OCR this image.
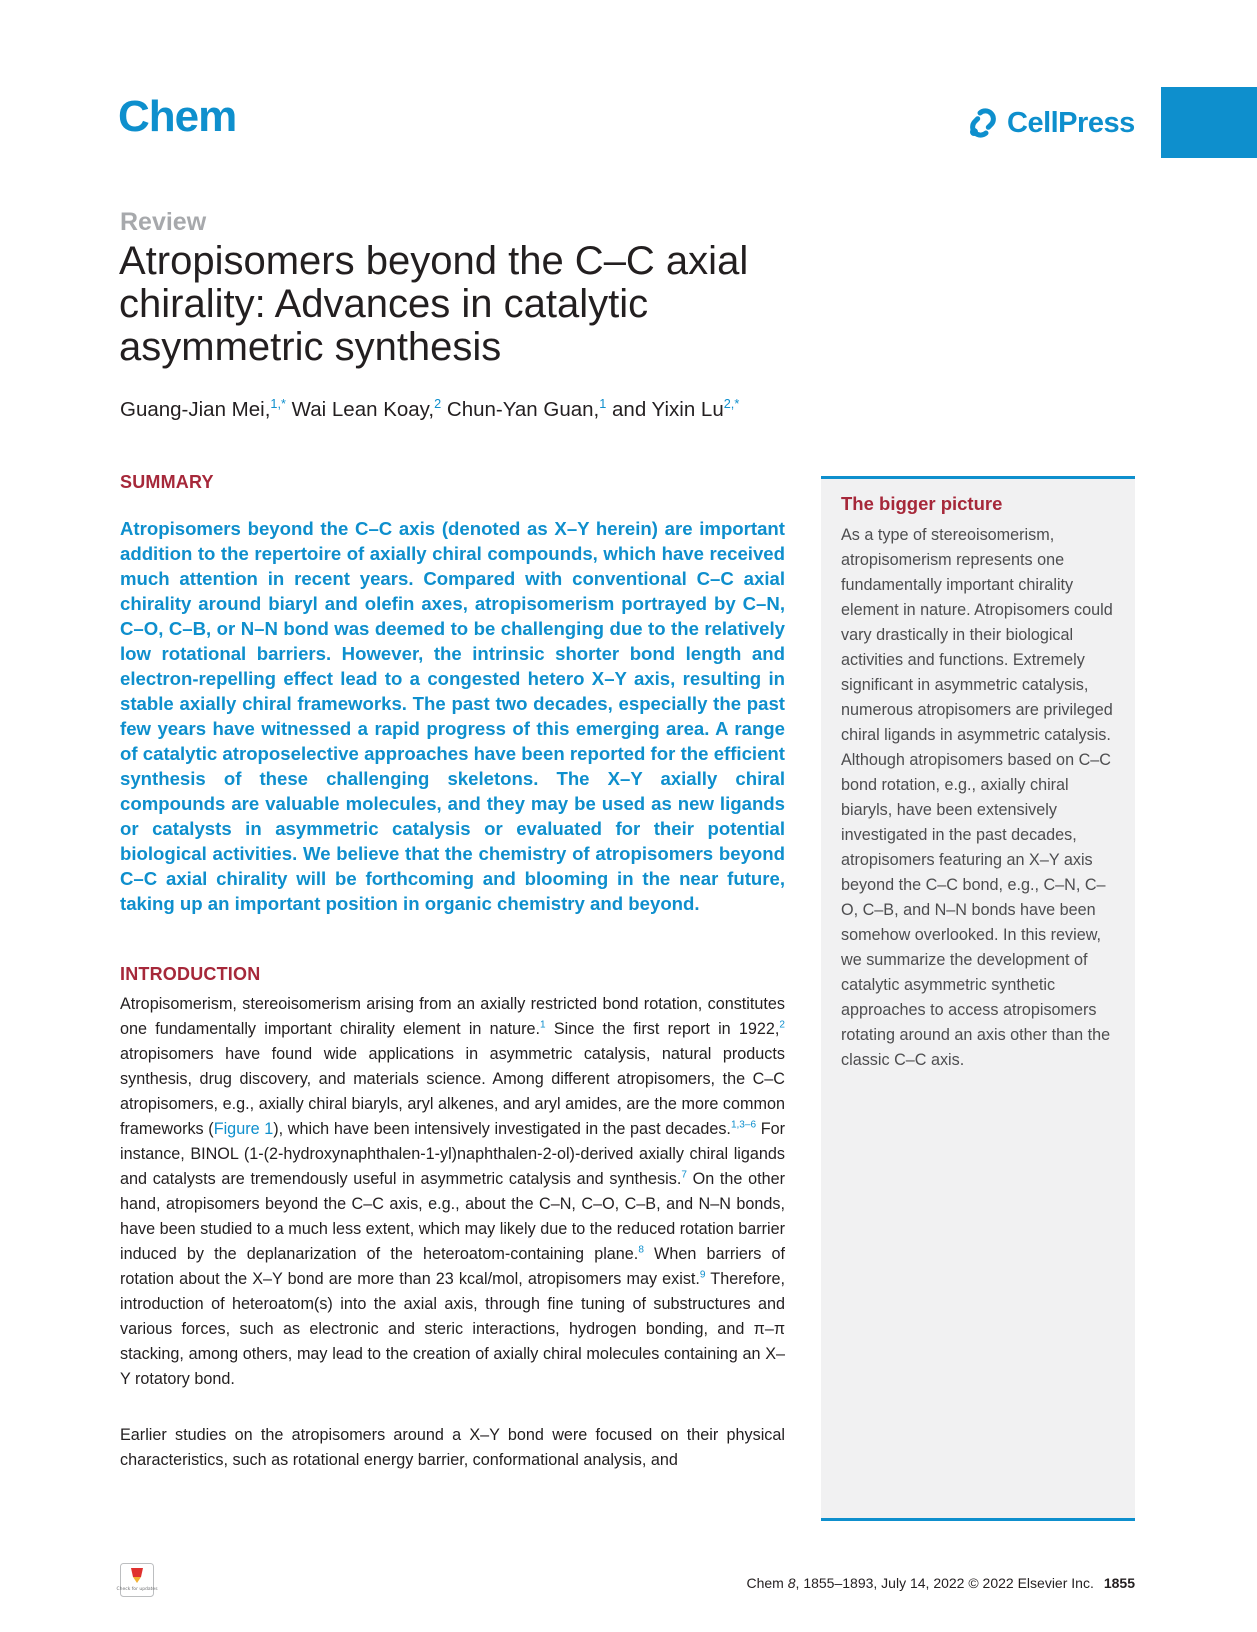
Chem	CellPress
Review
Atropisomers beyond the C–C axial chirality: Advances in catalytic asymmetric synthesis
Guang-Jian Mei,$^{1,*}$ Wai Lean Koay,$^2$ Chun-Yan Guan,$^1$ and Yixin $Lu^{2,*}$
SUMMARY

Atropisomers beyond the C–C axis (denoted as X–Y herein) are important addition to the repertoire of axially chiral compounds, which have received much attention in recent years. Compared with conventional C–C axial chirality around biaryl and olefin axes, atropisomerism portrayed by C–N, C–O, C–B, or N–N bond was deemed to be challenging due to the relatively low rotational barriers. However, the intrinsic shorter bond length and electron-repelling effect lead to a congested hetero X–Y axis, resulting in stable axially chiral frameworks. The past two decades, especially the past few years have witnessed a rapid progress of this emerging area. A range of catalytic atroposelective approaches have been reported for the efficient synthesis of these challenging skeletons. The X–Y axially chiral compounds are valuable molecules, and they may be used as new ligands or catalysts in asymmetric catalysis or evaluated for their potential biological activities. We believe that the chemistry of atropisomers beyond C–C axial chirality will be forthcoming and blooming in the near future, taking up an important position in organic chemistry and beyond.

INTRODUCTION

Atropisomerism, stereoisomerism arising from an axially restricted bond rotation, constitutes one fundamentally important chirality element in nature.$^1$ Since the first report in 1922,$^2$ atropisomers have found wide applications in asymmetric catalysis, natural products synthesis, drug discovery, and materials science. Among different atropisomers, the C–C atropisomers, e.g., axially chiral biaryls, aryl alkenes, and aryl amides, are the more common frameworks (Figure 1), which have been intensively investigated in the past decades.$^{1,3-6}$ For instance, BINOL (1-(2-hydroxynaphthalen-1-yl)naphthalen-2-ol)-derived axially chiral ligands and catalysts are tremendously useful in asymmetric catalysis and synthesis.$^7$ On the other hand, atropisomers beyond the C–C axis, e.g., about the C–N, C–O, C–B, and N–N bonds, have been studied to a much less extent, which may likely due to the reduced rotation barrier induced by the deplanarization of the heteroatom-containing plane.$^8$ When barriers of rotation about the X–Y bond are more than 23 kcal/mol, atropisomers may exist.$^9$ Therefore, introduction of heteroatom(s) into the axial axis, through fine tuning of substructures and various forces, such as electronic and steric interactions, hydrogen bonding, and π–π stacking, among others, may lead to the creation of axially chiral molecules containing an X–Y rotatory bond.

Earlier studies on the atropisomers around a X–Y bond were focused on their physical characteristics, such as rotational energy barrier, conformational analysis, and

The bigger picture

As a type of stereoisomerism, atropisomerism represents one fundamentally important chirality element in nature. Atropisomers could vary drastically in their biological activities and functions. Extremely significant in asymmetric catalysis, numerous atropisomers are privileged chiral ligands in asymmetric catalysis. Although atropisomers based on C–C bond rotation, e.g., axially chiral biaryls, have been extensively investigated in the past decades, atropisomers featuring an X–Y axis beyond the C–C bond, e.g., C–N, C–O, C–B, and N–N bonds have been somehow overlooked. In this review, we summarize the development of catalytic asymmetric synthetic approaches to access atropisomers rotating around an axis other than the classic C–C axis.

Check for updates	Chem 8, 1855–1893, July 14, 2022 © 2022 Elsevier Inc. 1855
